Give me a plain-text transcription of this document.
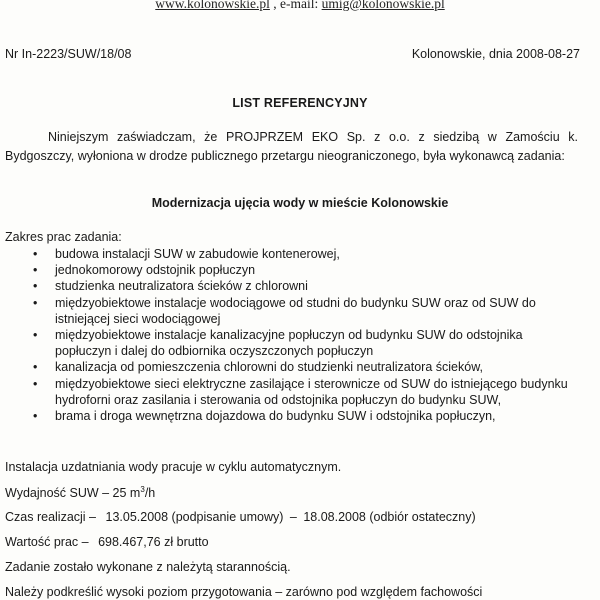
www.kolonowskie.pl , e-mail: umig@kolonowskie.pl
Nr In-2223/SUW/18/08	Kolonowskie, dnia 2008-08-27
LIST REFERENCYJNY

Niniejszym zaświadczam, że PROJPRZEM EKO Sp. z o.o. z siedzibą w Zamościu k. Bydgoszczy, wyłoniona w drodze publicznego przetargu nieograniczonego, była wykonawcą zadania:

Modernizacja ujęcia wody w mieście Kolonowskie
Zakres prac zadania:
• budowa instalacji SUW w zabudowie kontenerowej,
• jednokomorowy odstojnik popłuczyn
• studzienka neutralizatora ścieków z chlorowni
• międzyobiektowe instalacje wodociągowe od studni do budynku SUW oraz od SUW do istniejącej sieci wodociągowej
• międzyobiektowe instalacje kanalizacyjne popłuczyn od budynku SUW do odstojnika popłuczyn i dalej do odbiornika oczyszczonych popłuczyn
• kanalizacja od pomieszczenia chlorowni do studzienki neutralizatora ścieków,
• międzyobiektowe sieci elektryczne zasilające i sterownicze od SUW do istniejącego budynku hydroforni oraz zasilania i sterowania od odstojnika popłuczyn do budynku SUW,
• brama i droga wewnętrzna dojazdowa do budynku SUW i odstojnika popłuczyn,
Instalacja uzdatniania wody pracuje w cyklu automatycznym.
Wydajność SUW – 25 $m^3/h$
Czas realizacji – 13.05.2008 (podpisanie umowy) – 18.08.2008 (odbiór ostateczny)
Wartość prac – 698.467,76 zł brutto
Zadanie zostało wykonane z należytą starannością.
Należy podkreślić wysoki poziom przygotowania – zarówno pod względem fachowości
